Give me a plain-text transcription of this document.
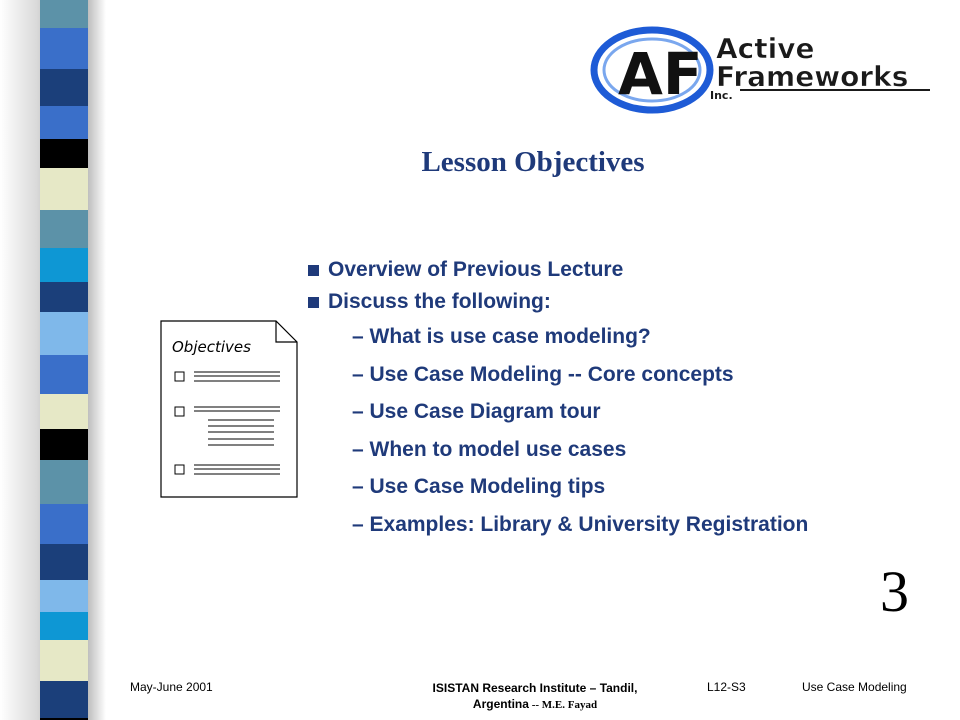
AF Active
Frameworks
Inc.
Lesson Objectives
Overview of Previous Lecture
Discuss the following:
– What is use case modeling?
– Use Case Modeling -- Core concepts
– Use Case Diagram tour
– When to model use cases
– Use Case Modeling tips
– Examples: Library & University Registration
Objectives
3
May-June 2001	ISISTAN Research Institute – Tandil,
Argentina -- M.E. Fayad
L12-S3	Use Case Modeling
